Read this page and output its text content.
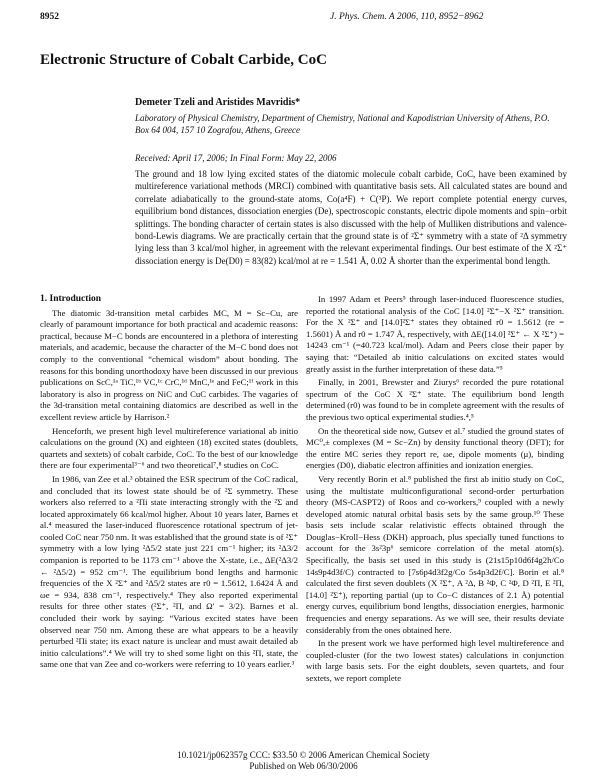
8952	J. Phys. Chem. A 2006, 110, 8952−8962
Electronic Structure of Cobalt Carbide, CoC
Demeter Tzeli and Aristides Mavridis*
Laboratory of Physical Chemistry, Department of Chemistry, National and Kapodistrian University of Athens, P.O. Box 64 004, 157 10 Zografou, Athens, Greece
Received: April 17, 2006; In Final Form: May 22, 2006
The ground and 18 low lying excited states of the diatomic molecule cobalt carbide, CoC, have been examined by multireference variational methods (MRCI) combined with quantitative basis sets. All calculated states are bound and correlate adiabatically to the ground-state atoms, Co(a⁴F) + C(³P). We report complete potential energy curves, equilibrium bond distances, dissociation energies (De), spectroscopic constants, electric dipole moments and spin−orbit splittings. The bonding character of certain states is also discussed with the help of Mulliken distributions and valence-bond-Lewis diagrams. We are practically certain that the ground state is of ²Σ⁺ symmetry with a state of ²Δ symmetry lying less than 3 kcal/mol higher, in agreement with the relevant experimental findings. Our best estimate of the X ²Σ⁺ dissociation energy is De(D0) = 83(82) kcal/mol at re = 1.541 Å, 0.02 Å shorter than the experimental bond length.

1. Introduction

The diatomic 3d-transition metal carbides MC, M = Sc−Cu, are clearly of paramount importance for both practical and academic reasons: practical, because M−C bonds are encountered in a plethora of interesting materials, and academic, because the character of the M−C bond does not comply to the conventional “chemical wisdom” about bonding. The reasons for this bonding unorthodoxy have been discussed in our previous publications on ScC,¹ᵃ TiC,¹ᵇ VC,¹ᶜ CrC,¹ᵈ MnC,¹ᵉ and FeC;¹ᶠ work in this laboratory is also in progress on NiC and CuC carbides. The vagaries of the 3d-transition metal containing diatomics are described as well in the excellent review article by Harrison.²

Henceforth, we present high level multireference variational ab initio calculations on the ground (X) and eighteen (18) excited states (doublets, quartets and sextets) of cobalt carbide, CoC. To the best of our knowledge there are four experimental³⁻⁶ and two theoretical⁷,⁸ studies on CoC.

In 1986, van Zee et al.³ obtained the ESR spectrum of the CoC radical, and concluded that its lowest state should be of ²Σ symmetry. These workers also referred to a ²Πi state interacting strongly with the ²Σ and located approximately 66 kcal/mol higher. About 10 years later, Barnes et al.⁴ measured the laser-induced fluorescence rotational spectrum of jet-cooled CoC near 750 nm. It was established that the ground state is of ²Σ⁺ symmetry with a low lying ²Δ5/2 state just 221 cm⁻¹ higher; its ²Δ3/2 companion is reported to be 1173 cm⁻¹ above the X-state, i.e., ΔE(²Δ3/2 ← ²Δ5/2) = 952 cm⁻¹. The equilibrium bond lengths and harmonic frequencies of the X ²Σ⁺ and ²Δ5/2 states are r0 = 1.5612, 1.6424 Å and ωe = 934, 838 cm⁻¹, respectively.⁴ They also reported experimental results for three other states (²Σ⁺, ²Π, and Ω′ = 3/2). Barnes et al. concluded their work by saying: “Various excited states have been observed near 750 nm. Among these are what appears to be a heavily perturbed ²Πi state; its exact nature is unclear and must await detailed ab initio calculations”.⁴ We will try to shed some light on this ²Π, state, the same one that van Zee and co-workers were referring to 10 years earlier.³

In 1997 Adam et Peers⁵ through laser-induced fluorescence studies, reported the rotational analysis of the CoC [14.0] ²Σ⁺−X ²Σ⁺ transition. For the X ²Σ⁺ and [14.0]²Σ⁺ states they obtained r0 = 1.5612 (re = 1.5601) Å and r0 = 1.747 Å, respectively, with ΔE([14.0] ²Σ⁺ ← X ²Σ⁺) = 14243 cm⁻¹ (=40.723 kcal/mol). Adam and Peers close their paper by saying that: “Detailed ab initio calculations on excited states would greatly assist in the further interpretation of these data.”⁵

Finally, in 2001, Brewster and Ziurys⁶ recorded the pure rotational spectrum of the CoC X ²Σ⁺ state. The equilibrium bond length determined (r0) was found to be in complete agreement with the results of the previous two optical experimental studies.⁴,⁵

On the theoretical side now, Gutsev et al.⁷ studied the ground states of MC⁰,± complexes (M = Sc−Zn) by density functional theory (DFT); for the entire MC series they report re, ωe, dipole moments (μ), binding energies (D0), diabatic electron affinities and ionization energies.

Very recently Borin et al.⁸ published the first ab initio study on CoC, using the multistate multiconfigurational second-order perturbation theory (MS-CASPT2) of Roos and co-workers,⁹ coupled with a newly developed atomic natural orbital basis sets by the same group.¹⁰ These basis sets include scalar relativistic effects obtained through the Douglas−Kroll−Hess (DKH) approach, plus specially tuned functions to account for the 3s²3p⁶ semicore correlation of the metal atom(s). Specifically, the basis set used in this study is (21s15p10d6f4g2h/Co 14s9p4d3f/C) contracted to [7s6p4d3f2g/Co 5s4p3d2f/C]. Borin et al.⁸ calculated the first seven doublets (X ²Σ⁺, A ²Δ, B ²Φ, C ²Φ, D ²Π, E ²Π, [14.0] ²Σ⁺), reporting partial (up to Co−C distances of 2.1 Å) potential energy curves, equilibrium bond lengths, dissociation energies, harmonic frequencies and energy separations. As we will see, their results deviate considerably from the ones obtained here.

In the present work we have performed high level multireference and coupled-cluster (for the two lowest states) calculations in conjunction with large basis sets. For the eight doublets, seven quartets, and four sextets, we report complete

10.1021/jp062357g CCC: $33.50 © 2006 American Chemical Society
Published on Web 06/30/2006
